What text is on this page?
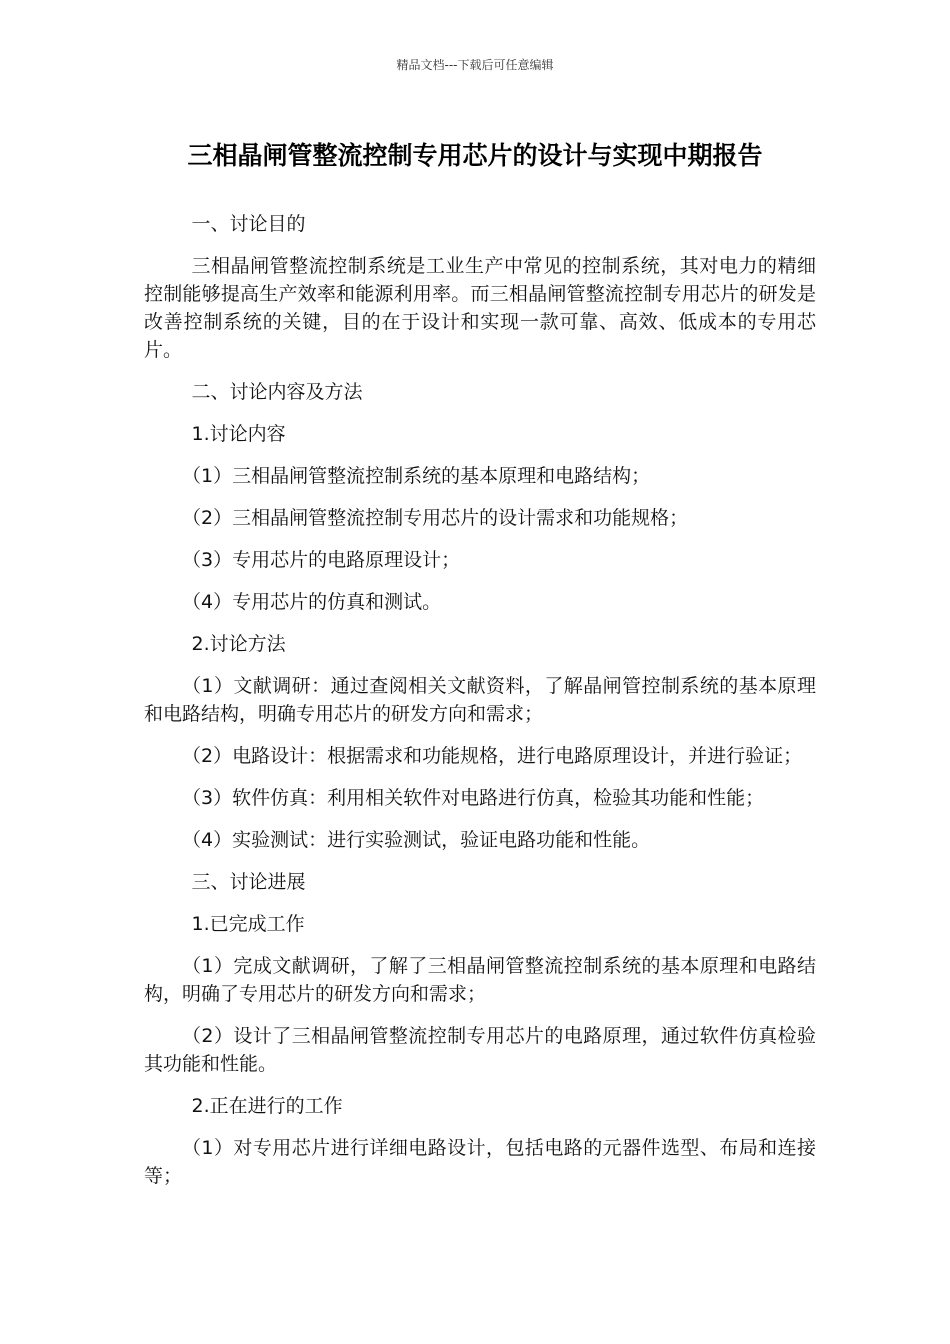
精品文档---下载后可任意编辑
三相晶闸管整流控制专用芯片的设计与实现中期报告

一、讨论目的

三相晶闸管整流控制系统是工业生产中常见的控制系统，其对电力的精细控制能够提高生产效率和能源利用率。而三相晶闸管整流控制专用芯片的研发是改善控制系统的关键，目的在于设计和实现一款可靠、高效、低成本的专用芯片。

二、讨论内容及方法

1.讨论内容

（1）三相晶闸管整流控制系统的基本原理和电路结构；

（2）三相晶闸管整流控制专用芯片的设计需求和功能规格；

（3）专用芯片的电路原理设计；

（4）专用芯片的仿真和测试。

2.讨论方法

（1）文献调研：通过查阅相关文献资料，了解晶闸管控制系统的基本原理和电路结构，明确专用芯片的研发方向和需求；

（2）电路设计：根据需求和功能规格，进行电路原理设计，并进行验证；

（3）软件仿真：利用相关软件对电路进行仿真，检验其功能和性能；

（4）实验测试：进行实验测试，验证电路功能和性能。

三、讨论进展

1.已完成工作

（1）完成文献调研，了解了三相晶闸管整流控制系统的基本原理和电路结构，明确了专用芯片的研发方向和需求；

（2）设计了三相晶闸管整流控制专用芯片的电路原理，通过软件仿真检验其功能和性能。

2.正在进行的工作

（1）对专用芯片进行详细电路设计，包括电路的元器件选型、布局和连接等；
